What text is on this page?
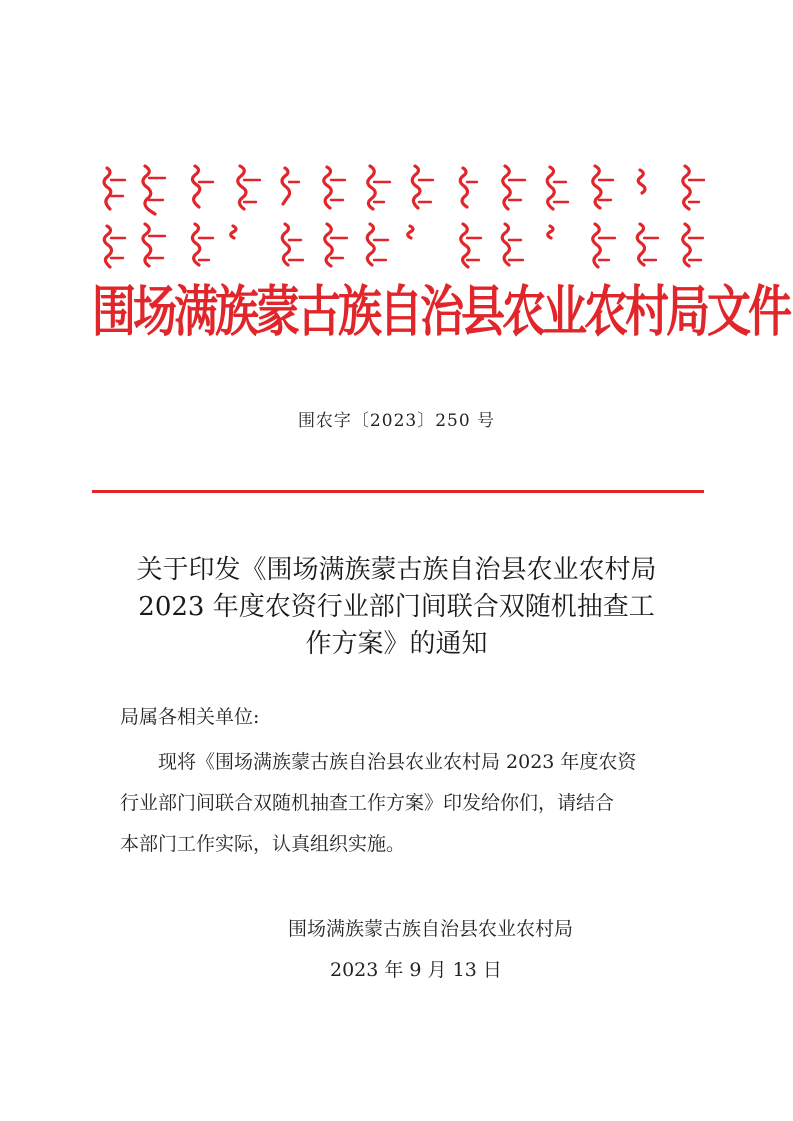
围场满族蒙古族自治县农业农村局文件
围农字〔2023〕250 号
关于印发《围场满族蒙古族自治县农业农村局
2023 年度农资行业部门间联合双随机抽查工
作方案》的通知
局属各相关单位:
现将《围场满族蒙古族自治县农业农村局 2023 年度农资
行业部门间联合双随机抽查工作方案》印发给你们，请结合
本部门工作实际，认真组织实施。
围场满族蒙古族自治县农业农村局
2023 年 9 月 13 日
